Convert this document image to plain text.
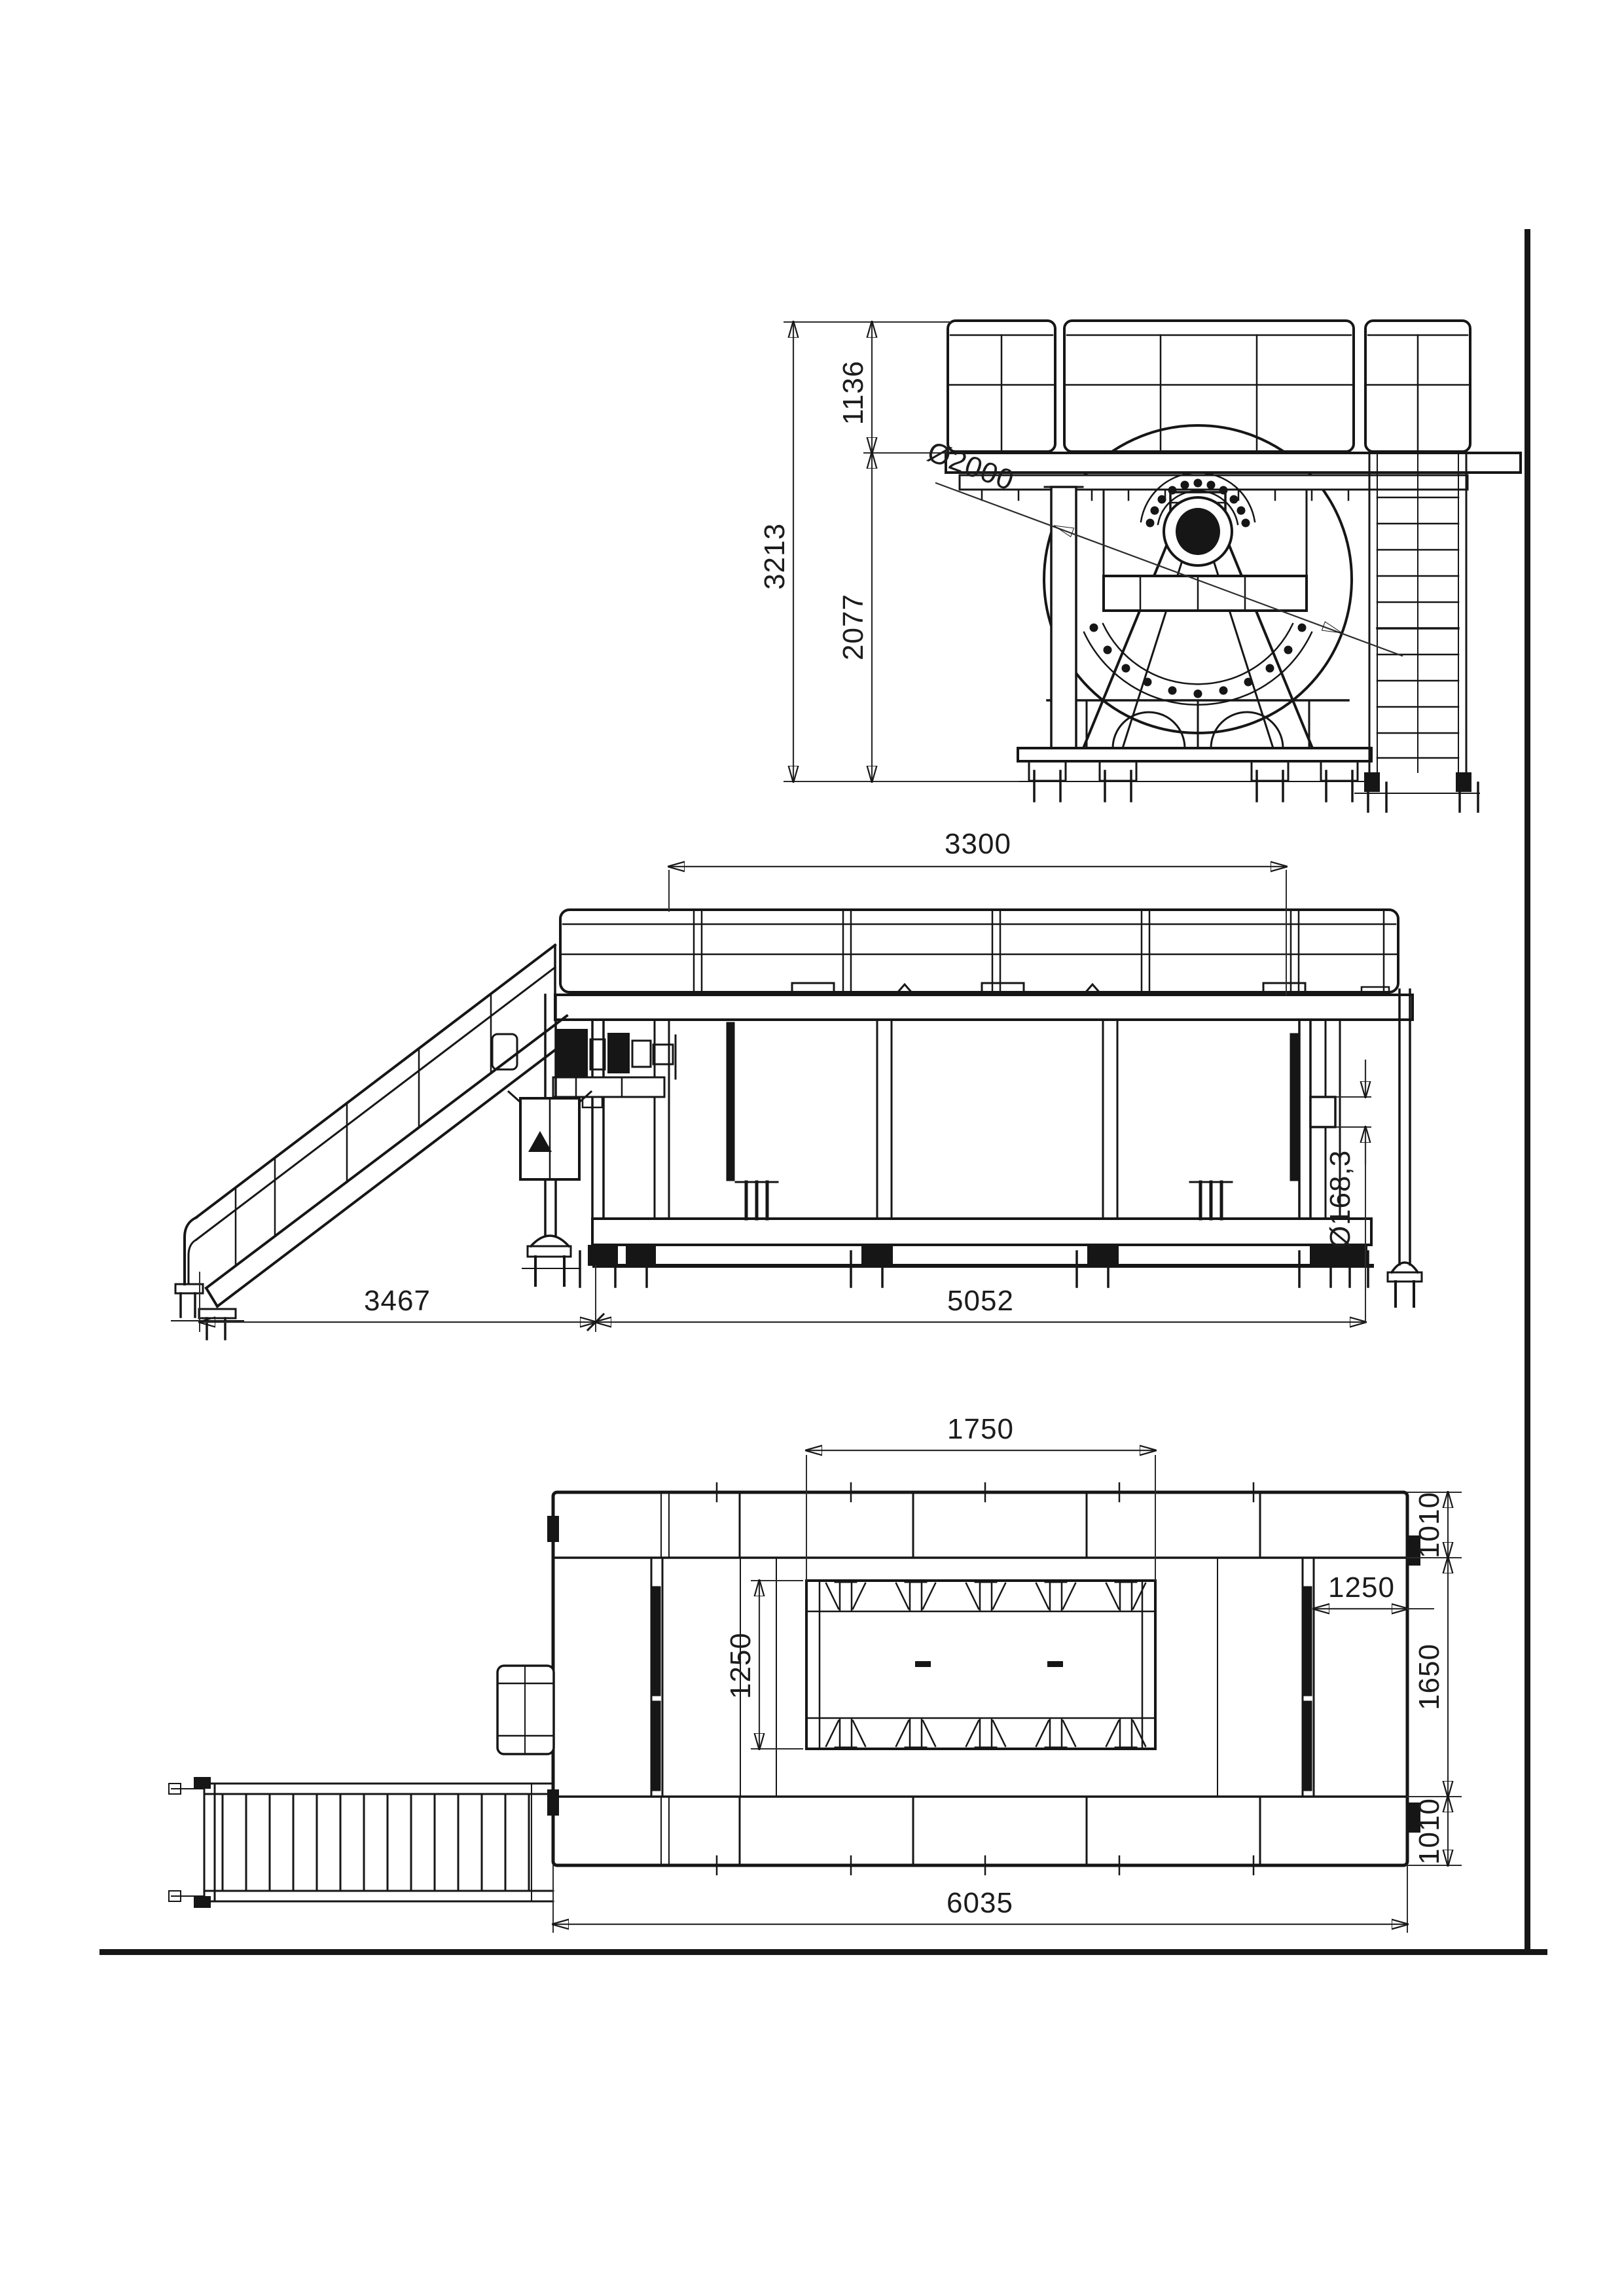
3213
1136
2077
Ø2000
3300
3467	5052
Ø168,3
1750
1250
1250
1010
1650
1010
6035
